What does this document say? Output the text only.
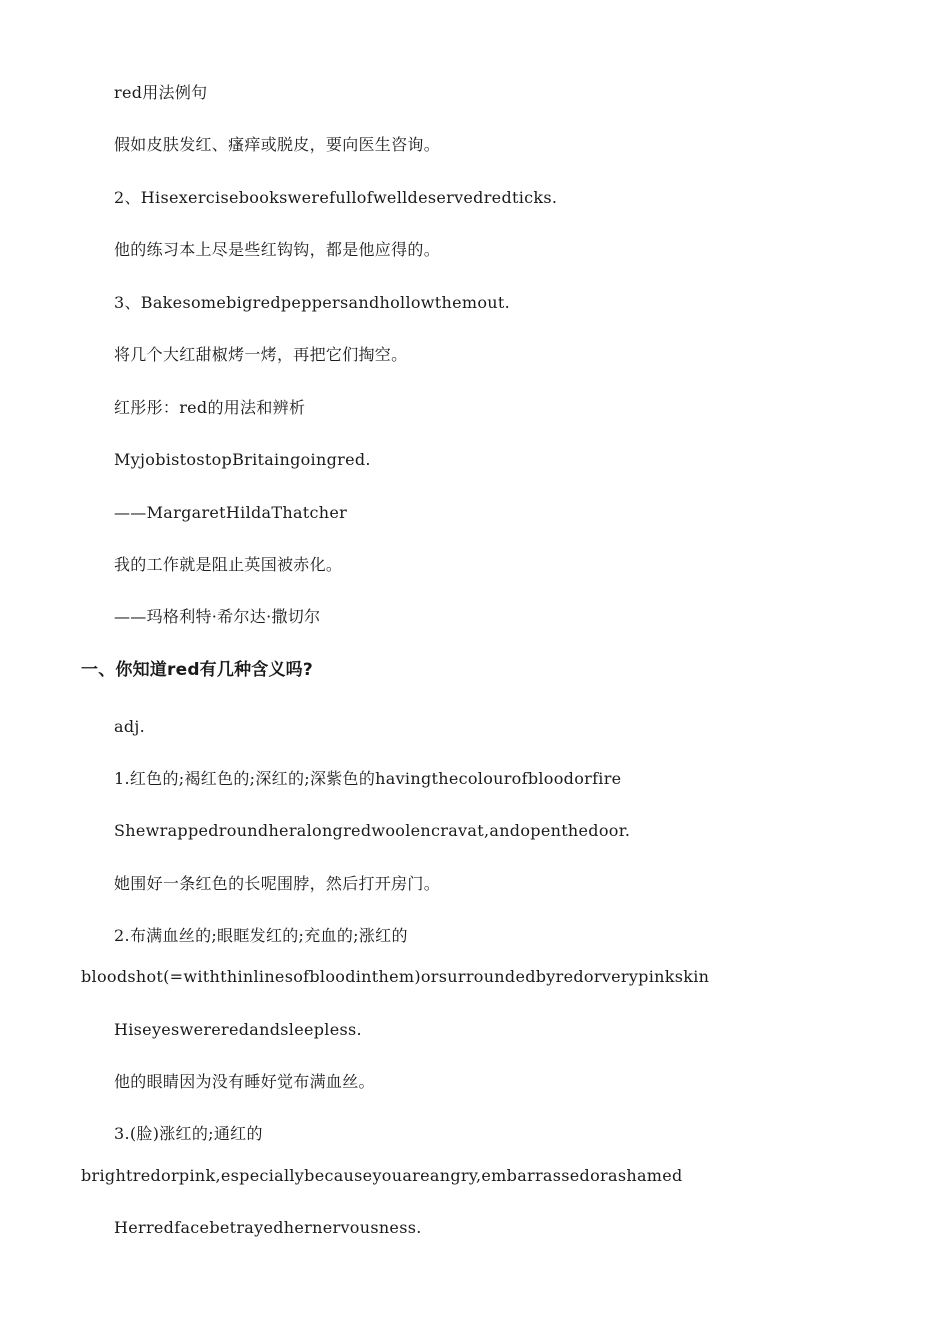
red用法例句
假如皮肤发红、瘙痒或脱皮，要向医生咨询。
2、Hisexercisebookswerefullofwelldeservedredticks.
他的练习本上尽是些红钩钩，都是他应得的。
3、Bakesomebigredpeppersandhollowthemout.
将几个大红甜椒烤一烤，再把它们掏空。
红彤彤：red的用法和辨析
MyjobistostopBritaingoingred.
——MargaretHildaThatcher
我的工作就是阻止英国被赤化。
——玛格利特·希尔达·撒切尔
一、你知道red有几种含义吗?
adj.
1.红色的;褐红色的;深红的;深紫色的havingthecolourofbloodorfire
Shewrappedroundheralongredwoolencravat,andopenthedoor.
她围好一条红色的长呢围脖，然后打开房门。
2.布满血丝的;眼眶发红的;充血的;涨红的
bloodshot(=withthinlinesofbloodinthem)orsurroundedbyredorverypinkskin
Hiseyeswereredandsleepless.
他的眼睛因为没有睡好觉布满血丝。
3.(脸)涨红的;通红的
brightredorpink,especiallybecauseyouareangry,embarrassedorashamed
Herredfacebetrayedhernervousness.
